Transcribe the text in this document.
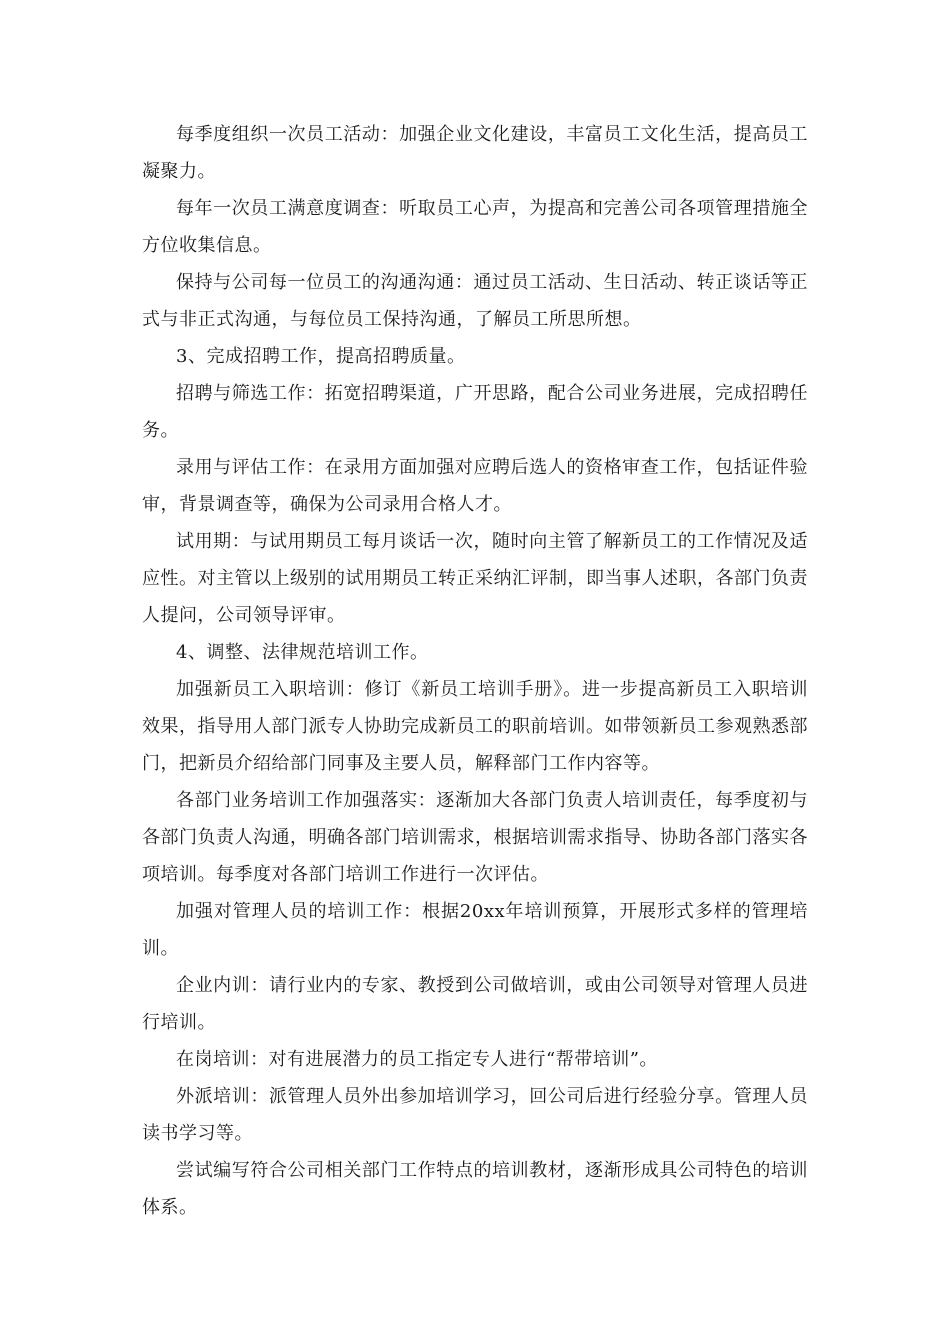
每季度组织一次员工活动：加强企业文化建设，丰富员工文化生活，提高员工凝聚力。

每年一次员工满意度调查：听取员工心声，为提高和完善公司各项管理措施全方位收集信息。

保持与公司每一位员工的沟通沟通：通过员工活动、生日活动、转正谈话等正式与非正式沟通，与每位员工保持沟通，了解员工所思所想。

3、完成招聘工作，提高招聘质量。

招聘与筛选工作：拓宽招聘渠道，广开思路，配合公司业务进展，完成招聘任务。

录用与评估工作：在录用方面加强对应聘后选人的资格审查工作，包括证件验审，背景调查等，确保为公司录用合格人才。

试用期：与试用期员工每月谈话一次，随时向主管了解新员工的工作情况及适应性。对主管以上级别的试用期员工转正采纳汇评制，即当事人述职，各部门负责人提问，公司领导评审。

4、调整、法律规范培训工作。

加强新员工入职培训：修订《新员工培训手册》。进一步提高新员工入职培训效果，指导用人部门派专人协助完成新员工的职前培训。如带领新员工参观熟悉部门，把新员介绍给部门同事及主要人员，解释部门工作内容等。

各部门业务培训工作加强落实：逐渐加大各部门负责人培训责任，每季度初与各部门负责人沟通，明确各部门培训需求，根据培训需求指导、协助各部门落实各项培训。每季度对各部门培训工作进行一次评估。

加强对管理人员的培训工作：根据20xx年培训预算，开展形式多样的管理培训。

企业内训：请行业内的专家、教授到公司做培训，或由公司领导对管理人员进行培训。

在岗培训：对有进展潜力的员工指定专人进行“帮带培训”。

外派培训：派管理人员外出参加培训学习，回公司后进行经验分享。管理人员读书学习等。

尝试编写符合公司相关部门工作特点的培训教材，逐渐形成具公司特色的培训体系。
